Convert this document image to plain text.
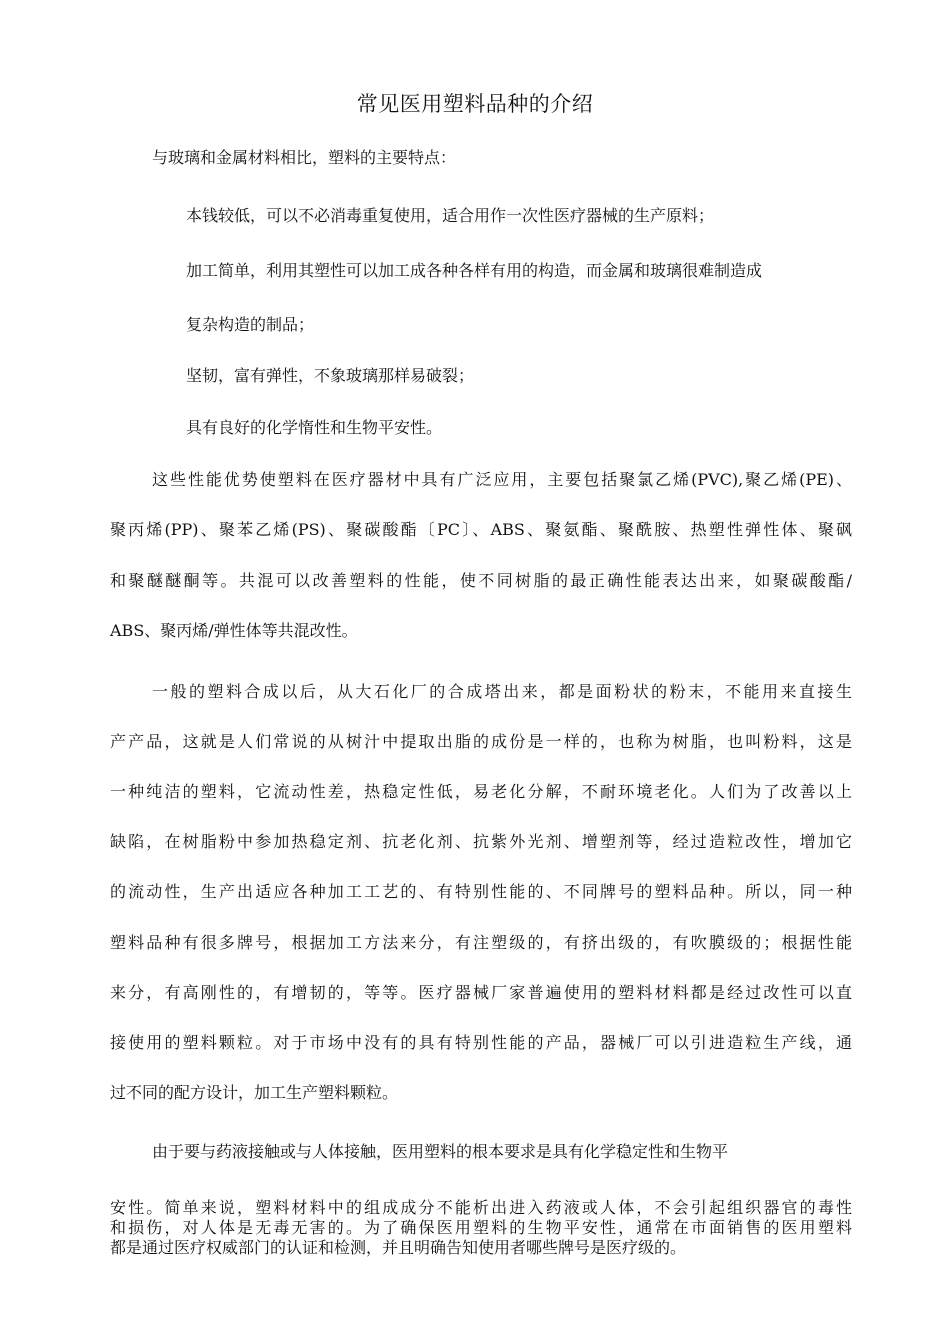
常见医用塑料品种的介绍
与玻璃和金属材料相比，塑料的主要特点：
本钱较低，可以不必消毒重复使用，适合用作一次性医疗器械的生产原料；
加工简单，利用其塑性可以加工成各种各样有用的构造，而金属和玻璃很难制造成
复杂构造的制品；
坚韧，富有弹性，不象玻璃那样易破裂；
具有良好的化学惰性和生物平安性。
这些性能优势使塑料在医疗器材中具有广泛应用，主要包括聚氯乙烯(PVC),聚乙烯(PE)、
聚丙烯(PP)、聚苯乙烯(PS)、聚碳酸酯〔PC〕、ABS、聚氨酯、聚酰胺、热塑性弹性体、聚砜
和聚醚醚酮等。共混可以改善塑料的性能，使不同树脂的最正确性能表达出来，如聚碳酸酯/
ABS、聚丙烯/弹性体等共混改性。
一般的塑料合成以后，从大石化厂的合成塔出来，都是面粉状的粉末，不能用来直接生
产产品，这就是人们常说的从树汁中提取出脂的成份是一样的，也称为树脂，也叫粉料，这是
一种纯洁的塑料，它流动性差，热稳定性低，易老化分解，不耐环境老化。人们为了改善以上
缺陷，在树脂粉中参加热稳定剂、抗老化剂、抗紫外光剂、增塑剂等，经过造粒改性，增加它
的流动性，生产出适应各种加工工艺的、有特别性能的、不同牌号的塑料品种。所以，同一种
塑料品种有很多牌号，根据加工方法来分，有注塑级的，有挤出级的，有吹膜级的；根据性能
来分，有高刚性的，有增韧的，等等。医疗器械厂家普遍使用的塑料材料都是经过改性可以直
接使用的塑料颗粒。对于市场中没有的具有特别性能的产品，器械厂可以引进造粒生产线，通
过不同的配方设计，加工生产塑料颗粒。
由于要与药液接触或与人体接触，医用塑料的根本要求是具有化学稳定性和生物平
安性。简单来说，塑料材料中的组成成分不能析出进入药液或人体，不会引起组织器官的毒性
和损伤，对人体是无毒无害的。为了确保医用塑料的生物平安性，通常在市面销售的医用塑料
都是通过医疗权威部门的认证和检测，并且明确告知使用者哪些牌号是医疗级的。
